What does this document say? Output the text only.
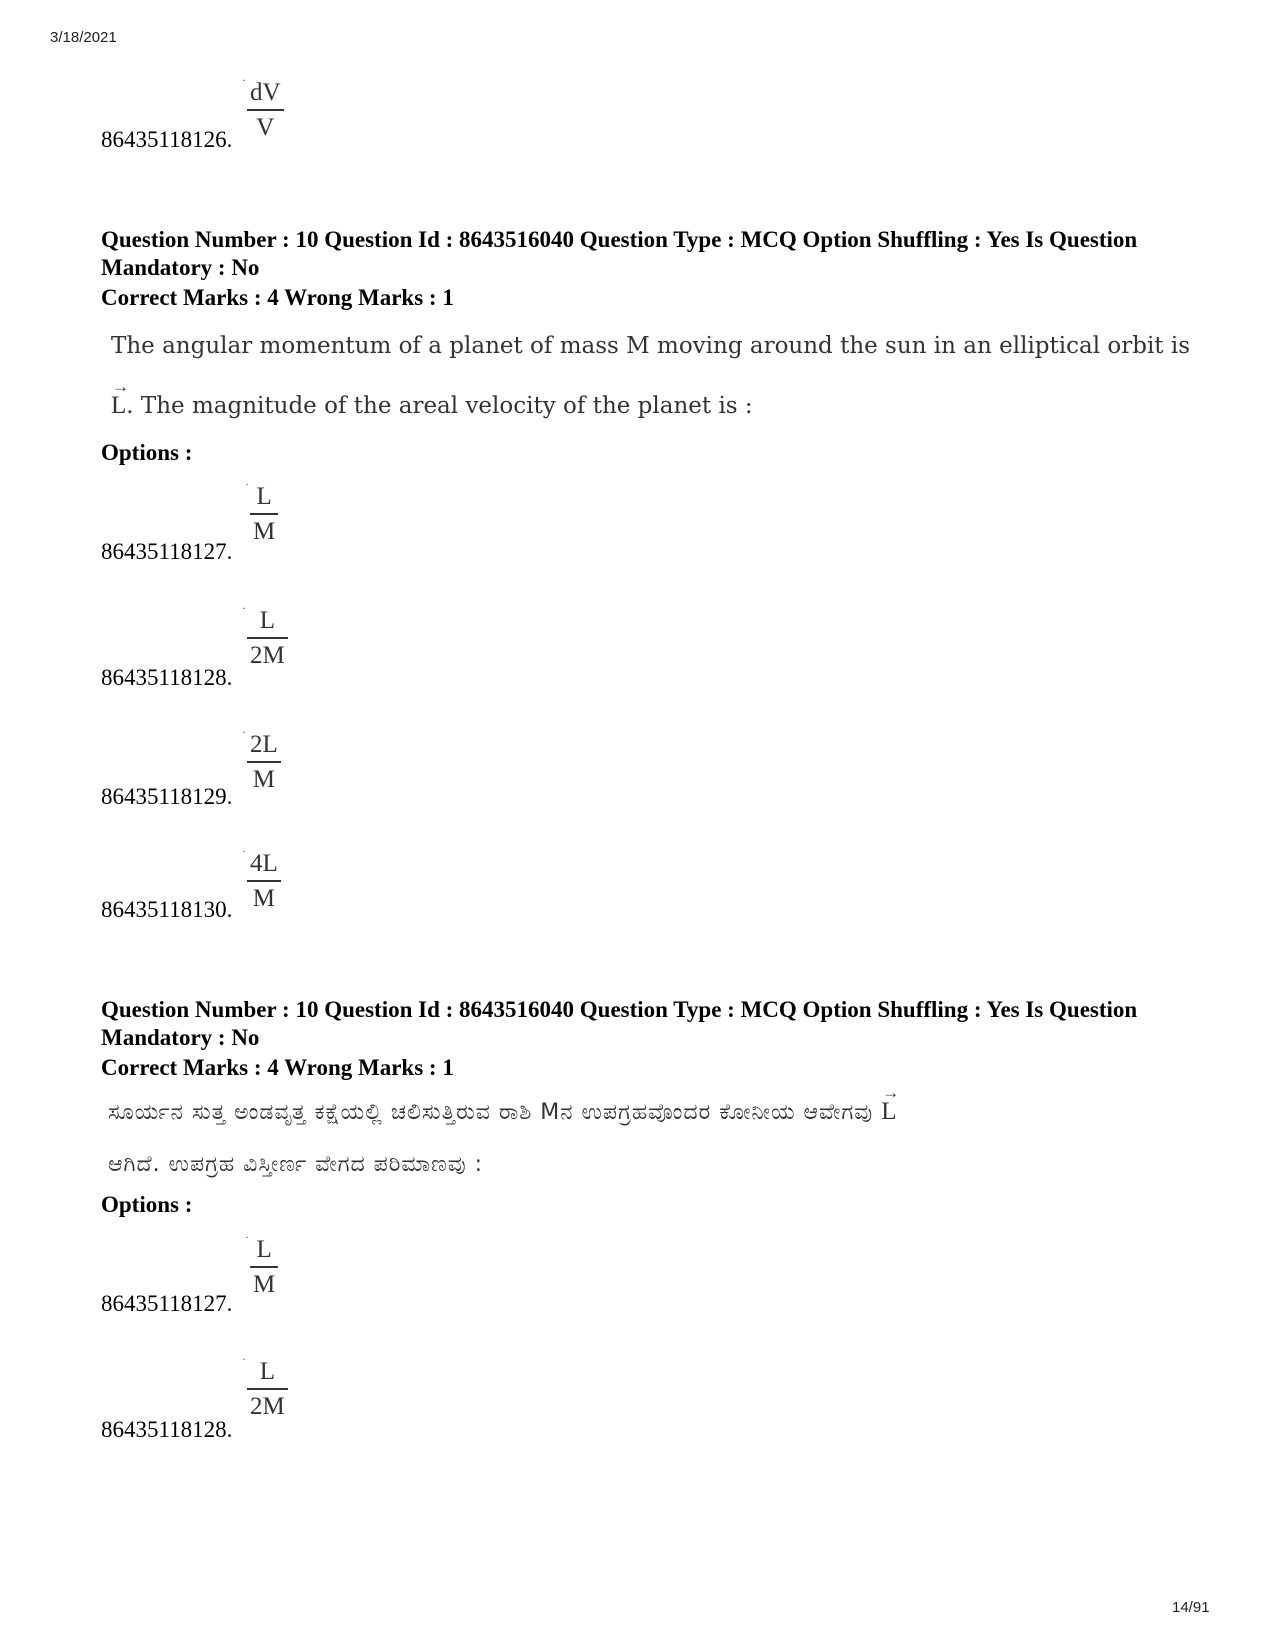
3/18/2021
86435118126.
· dV
V
Question Number : 10 Question Id : 8643516040 Question Type : MCQ Option Shuffling : Yes Is Question Mandatory : No
Correct Marks : 4 Wrong Marks : 1
The angular momentum of a planet of mass M moving around the sun in an elliptical orbit is
→ L. The magnitude of the areal velocity of the planet is :
Options :
86435118127.
· L
M
86435118128.
· L
2M
86435118129.
· 2L
M
86435118130.
· 4L
M
Question Number : 10 Question Id : 8643516040 Question Type : MCQ Option Shuffling : Yes Is Question Mandatory : No
Correct Marks : 4 Wrong Marks : 1
ಸೂರ್ಯನ ಸುತ್ತ ಅಂಡವೃತ್ತ ಕಕ್ಷೆಯಲ್ಲಿ ಚಲಿಸುತ್ತಿರುವ ರಾಶಿ Mನ ಉಪಗ್ರಹವೊಂದರ ಕೋನೀಯ ಆವೇಗವು → L
ಆಗಿದೆ. ಉಪಗ್ರಹ ವಿಸ್ತೀರ್ಣ ವೇಗದ ಪರಿಮಾಣವು :
Options :
86435118127.
· L
M
86435118128.
· L
2M
14/91
